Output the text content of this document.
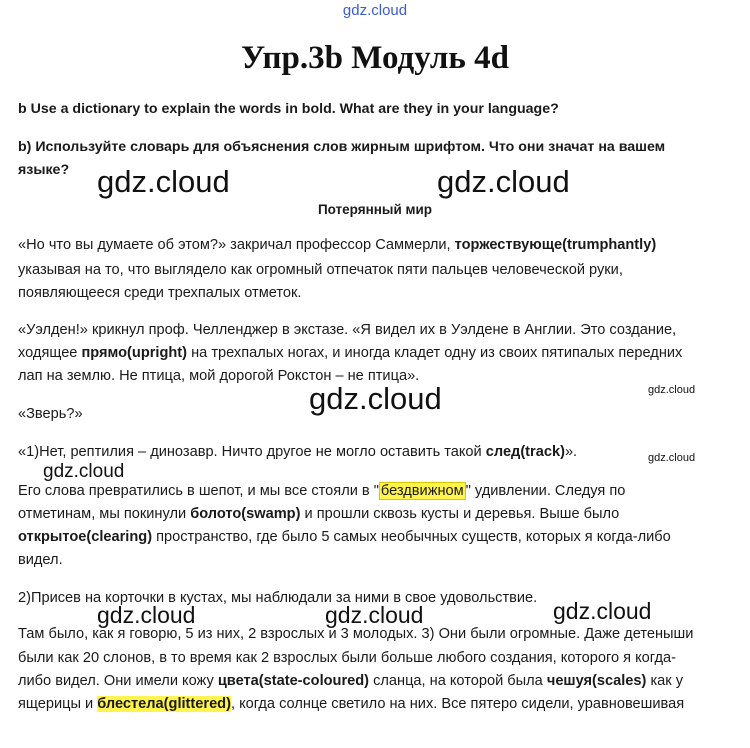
gdz.cloud
Упр.3b Модуль 4d
b Use a dictionary to explain the words in bold. What are they in your language?
b) Используйте словарь для объяснения слов жирным шрифтом. Что они значат на вашем
языке? gdz.cloud	gdz.cloud
Потерянный мир
«Но что вы думаете об этом?» закричал профессор Саммерли, торжествующе(trumphantly)
указывая на то, что выглядело как огромный отпечаток пяти пальцев человеческой руки,
появляющееся среди трехпалых отметок.
«Уэлден!» крикнул проф. Челленджер в экстазе. «Я видел их в Уэлдене в Англии. Это создание,
ходящее прямо(upright) на трехпалых ногах, и иногда кладет одну из своих пятипалых передних
лап на землю. Не птица, мой дорогой Рокстон – не птица».
gdz.cloud
«Зверь?»	gdz.cloud
«1)Нет, рептилия – динозавр. Ничто другое не могло оставить такой след(track)».	gdz.cloud
gdz.cloud
Его слова превратились в шепот, и мы все стояли в " бездвижном " удивлении. Следуя по
отметинам, мы покинули болото(swamp) и прошли сквозь кусты и деревья. Выше было
открытое(clearing) пространство, где было 5 самых необычных существ, которых я когда-либо
видел.
2)Присев на корточки в кустах, мы наблюдали за ними в свое удовольствие.
gdz.cloud	gdz.cloud	gdz.cloud
Там было, как я говорю, 5 из них, 2 взрослых и 3 молодых. 3) Они были огромные. Даже детеныши
были как 20 слонов, в то время как 2 взрослых были больше любого создания, которого я когда-
либо видел. Они имели кожу цвета(state-coloured) сланца, на которой была чешуя(scales) как у
ящерицы и блестела(glittered), когда солнце светило на них. Все пятеро сидели, уравновешивая
